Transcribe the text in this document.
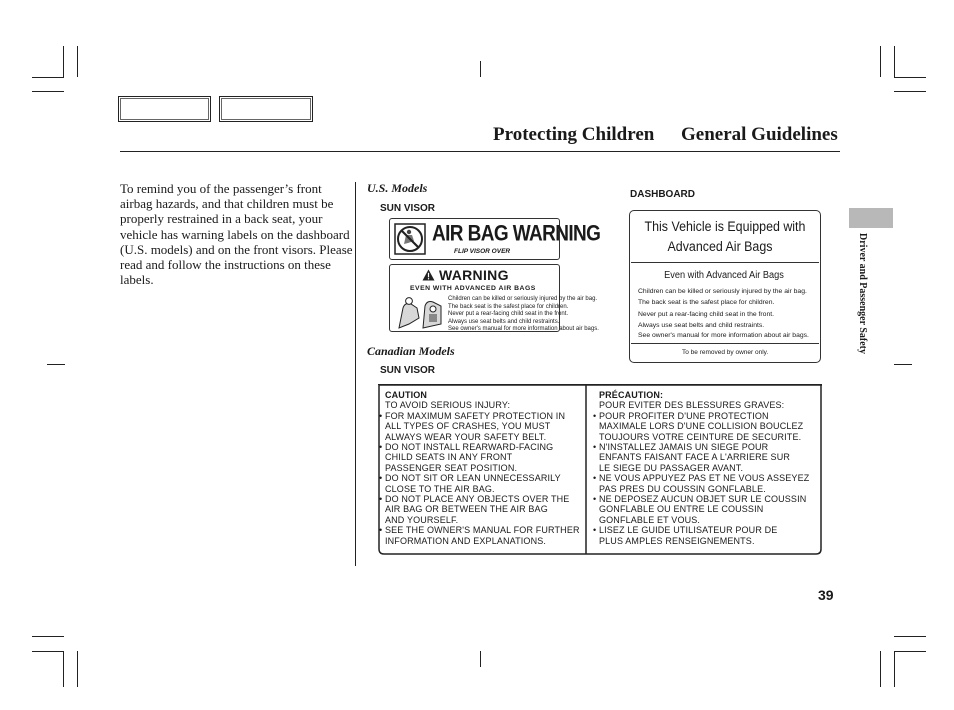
Protecting Children General Guidelines
To remind you of the passenger’s front airbag hazards, and that children must be properly restrained in a back seat, your vehicle has warning labels on the dashboard (U.S. models) and on the front visors. Please read and follow the instructions on these labels.
U.S. Models
SUN VISOR
AIR BAG WARNING
FLIP VISOR OVER
WARNING
EVEN WITH ADVANCED AIR BAGS
Children can be killed or seriously injured by the air bag.
The back seat is the safest place for children.
Never put a rear-facing child seat in the front.
Always use seat belts and child restraints.
See owner's manual for more information about air bags.
DASHBOARD
This Vehicle is Equipped with
Advanced Air Bags
Even with Advanced Air Bags
Children can be killed or seriously injured by the air bag.
The back seat is the safest place for children.
Never put a rear-facing child seat in the front.
Always use seat belts and child restraints.
See owner's manual for more information about air bags.
To be removed by owner only.
Canadian Models
SUN VISOR
CAUTION
TO AVOID SERIOUS INJURY:
• FOR MAXIMUM SAFETY PROTECTION IN
ALL TYPES OF CRASHES, YOU MUST
ALWAYS WEAR YOUR SAFETY BELT.
• DO NOT INSTALL REARWARD-FACING
CHILD SEATS IN ANY FRONT
PASSENGER SEAT POSITION.
• DO NOT SIT OR LEAN UNNECESSARILY
CLOSE TO THE AIR BAG.
• DO NOT PLACE ANY OBJECTS OVER THE
AIR BAG OR BETWEEN THE AIR BAG
AND YOURSELF.
• SEE THE OWNER'S MANUAL FOR FURTHER
INFORMATION AND EXPLANATIONS.
PRÉCAUTION:
POUR EVITER DES BLESSURES GRAVES:
• POUR PROFITER D'UNE PROTECTION
MAXIMALE LORS D'UNE COLLISION BOUCLEZ
TOUJOURS VOTRE CEINTURE DE SECURITE.
• N'INSTALLEZ JAMAIS UN SIEGE POUR
ENFANTS FAISANT FACE A L'ARRIERE SUR
LE SIEGE DU PASSAGER AVANT.
• NE VOUS APPUYEZ PAS ET NE VOUS ASSEYEZ
PAS PRES DU COUSSIN GONFLABLE.
• NE DEPOSEZ AUCUN OBJET SUR LE COUSSIN
GONFLABLE OU ENTRE LE COUSSIN
GONFLABLE ET VOUS.
• LISEZ LE GUIDE UTILISATEUR POUR DE
PLUS AMPLES RENSEIGNEMENTS.
Driver and Passenger Safety
39
